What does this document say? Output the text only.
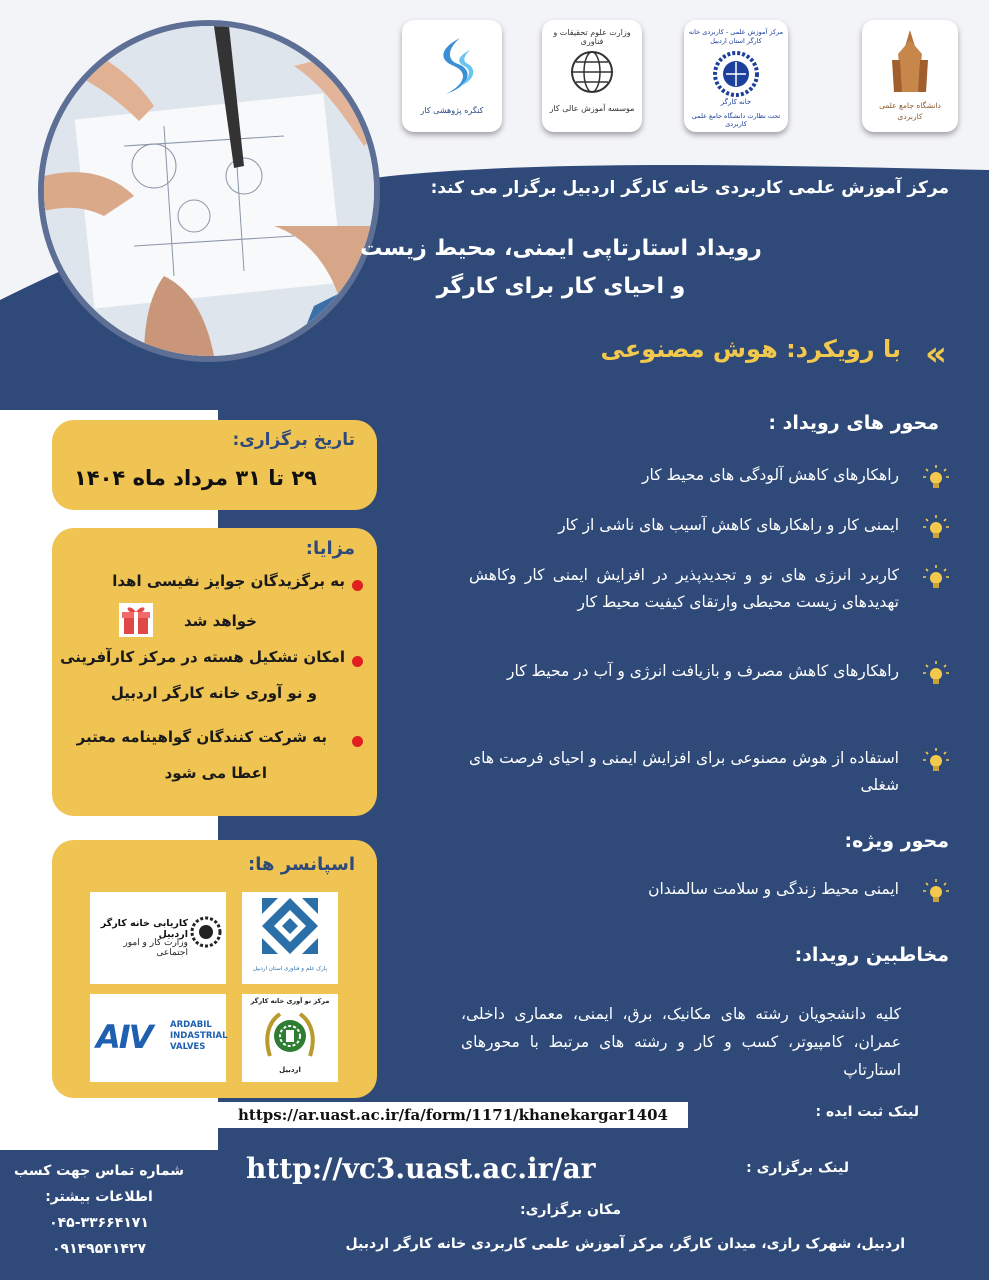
کنگره پژوهشی کار
وزارت علوم تحقیقات و فناوری
موسسه آموزش عالی کار
مرکز آموزش علمی - کاربردی خانه کارگر استان اردبیل
خانه کارگر
تحت نظارت دانشگاه جامع علمی کاربردی
دانشگاه جامع علمی کاربردی
مرکز آموزش علمی کاربردی خانه کارگر اردبیل برگزار می کند:
رویداد استارتاپی ایمنی، محیط زیست
و احیای کار برای کارگر
«
با رویکرد: هوش مصنوعی
محور های رویداد :
راهکارهای کاهش آلودگی های محیط کار
ایمنی کار و راهکارهای کاهش آسیب های ناشی از کار
کاربرد انرژی های نو و تجدیدپذیر در افزایش ایمنی کار وکاهش تهدیدهای زیست محیطی وارتقای کیفیت محیط کار
راهکارهای کاهش مصرف و بازیافت انرژی و آب در محیط کار
استفاده از هوش مصنوعی برای افزایش ایمنی و احیای فرصت های شغلی
محور ویژه:
ایمنی محیط زندگی و سلامت سالمندان
مخاطبین رویداد:
کلیه دانشجویان رشته های مکانیک، برق، ایمنی، معماری داخلی، عمران، کامپیوتر، کسب و کار و رشته های مرتبط با محورهای استارتاپ
تاریخ برگزاری:
۲۹ تا ۳۱ مرداد ماه ۱۴۰۴
مزایا:
به برگزیدگان جوایز نفیسی اهدا
خواهد شد
امکان تشکیل هسته در مرکز کارآفرینی
و نو آوری خانه کارگر اردبیل
به شرکت کنندگان گواهینامه معتبر
اعطا می شود
اسپانسر ها:
پارک علم و فناوری استان اردبیل
کاریابی خانه کارگر اردبیل
وزارت کار و امور اجتماعی
AIV ARDABIL
INDASTRIAL
VALVES
مرکز نو آوری خانه کارگر
اردبیل
لینک ثبت ایده :
https://ar.uast.ac.ir/fa/form/1171/khanekargar1404
لینک برگزاری :
http://vc3.uast.ac.ir/ar
مکان برگزاری:
اردبیل، شهرک رازی، میدان کارگر، مرکز آموزش علمی کاربردی خانه کارگر اردبیل
شماره تماس جهت کسب
اطلاعات بیشتر:
۰۴۵-۳۳۶۶۴۱۷۱
۰۹۱۴۹۵۴۱۴۲۷
